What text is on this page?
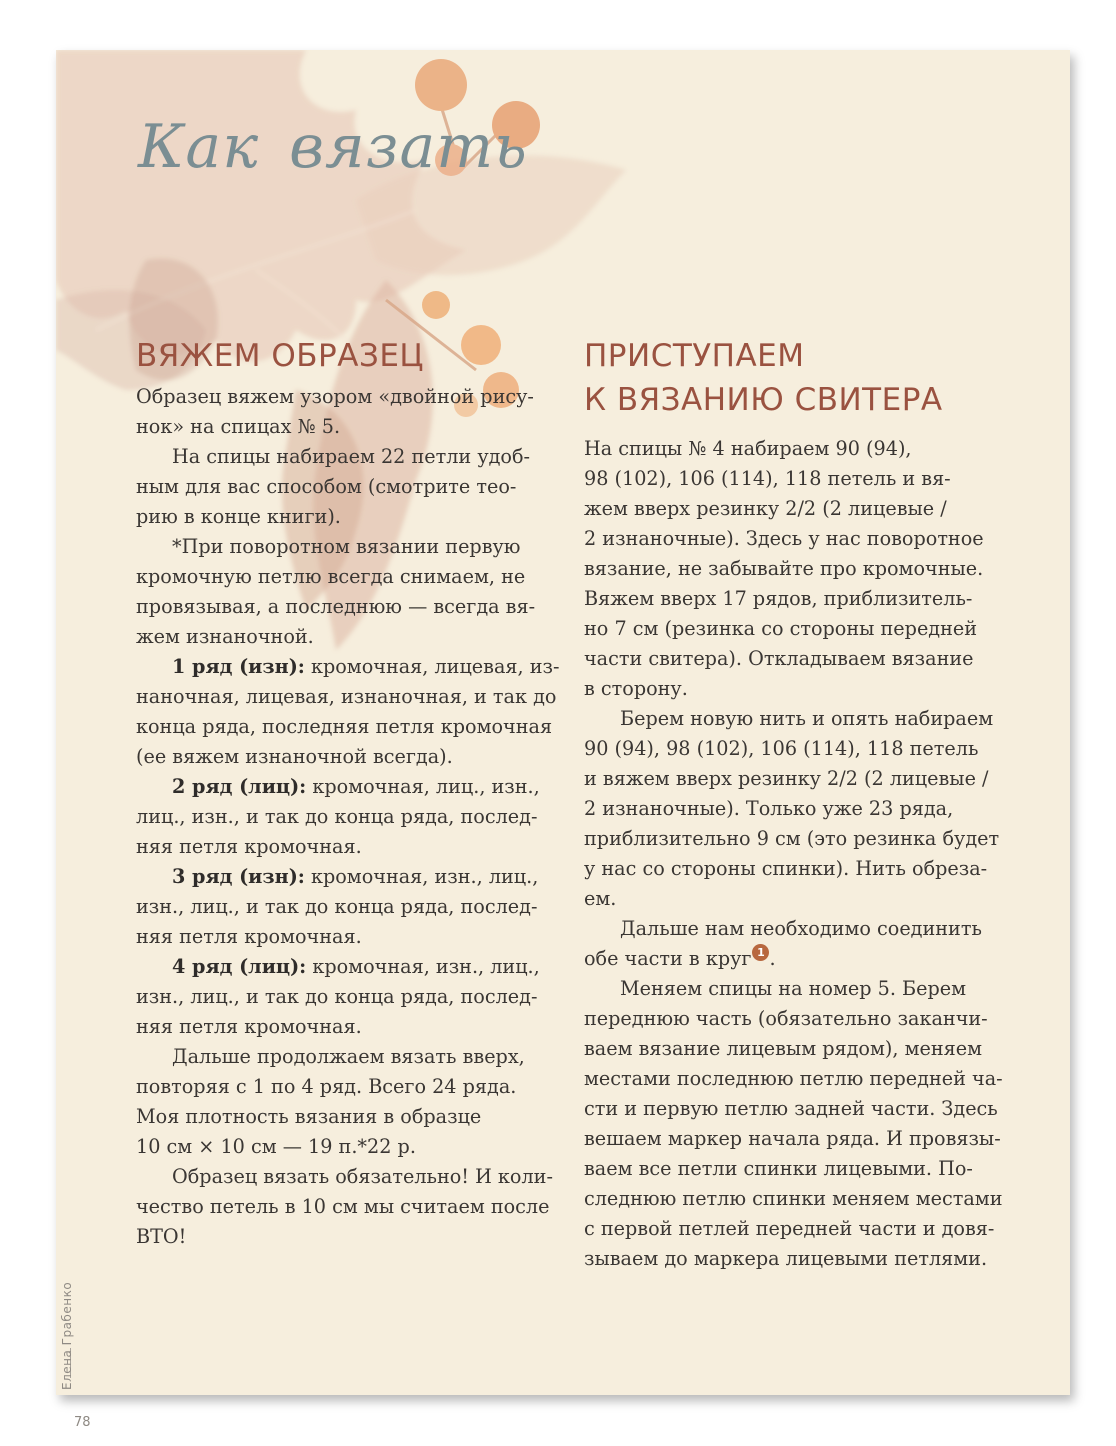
Как вязать
ВЯЖЕМ ОБРАЗЕЦ

Образец вяжем узором «двойной рису-
нок» на спицах № 5.

На спицы набираем 22 петли удоб-
ным для вас способом (смотрите тео-
рию в конце книги).

*При поворотном вязании первую
кромочную петлю всегда снимаем, не
провязывая, а последнюю — всегда вя-
жем изнаночной.

1 ряд (изн): кромочная, лицевая, из-
наночная, лицевая, изнаночная, и так до
конца ряда, последняя петля кромочная
(ее вяжем изнаночной всегда).

2 ряд (лиц): кромочная, лиц., изн.,
лиц., изн., и так до конца ряда, послед-
няя петля кромочная.

3 ряд (изн): кромочная, изн., лиц.,
изн., лиц., и так до конца ряда, послед-
няя петля кромочная.

4 ряд (лиц): кромочная, изн., лиц.,
изн., лиц., и так до конца ряда, послед-
няя петля кромочная.

Дальше продолжаем вязать вверх,
повторяя с 1 по 4 ряд. Всего 24 ряда.
Моя плотность вязания в образце
10 см × 10 см — 19 п.*22 р.

Образец вязать обязательно! И коли-
чество петель в 10 см мы считаем после
ВТО!

ПРИСТУПАЕМ
К ВЯЗАНИЮ СВИТЕРА

На спицы № 4 набираем 90 (94),
98 (102), 106 (114), 118 петель и вя-
жем вверх резинку 2/2 (2 лицевые /
2 изнаночные). Здесь у нас поворотное
вязание, не забывайте про кромочные.
Вяжем вверх 17 рядов, приблизитель-
но 7 см (резинка со стороны передней
части свитера). Откладываем вязание
в сторону.

Берем новую нить и опять набираем
90 (94), 98 (102), 106 (114), 118 петель
и вяжем вверх резинку 2/2 (2 лицевые /
2 изнаночные). Только уже 23 ряда,
приблизительно 9 см (это резинка будет
у нас со стороны спинки). Нить обреза-
ем.

Дальше нам необходимо соединить
обе части в круг 1 .

Меняем спицы на номер 5. Берем
переднюю часть (обязательно заканчи-
ваем вязание лицевым рядом), меняем
местами последнюю петлю передней ча-
сти и первую петлю задней части. Здесь
вешаем маркер начала ряда. И провязы-
ваем все петли спинки лицевыми. По-
следнюю петлю спинки меняем местами
с первой петлей передней части и довя-
зываем до маркера лицевыми петлями.

Елена Грабенко
78
